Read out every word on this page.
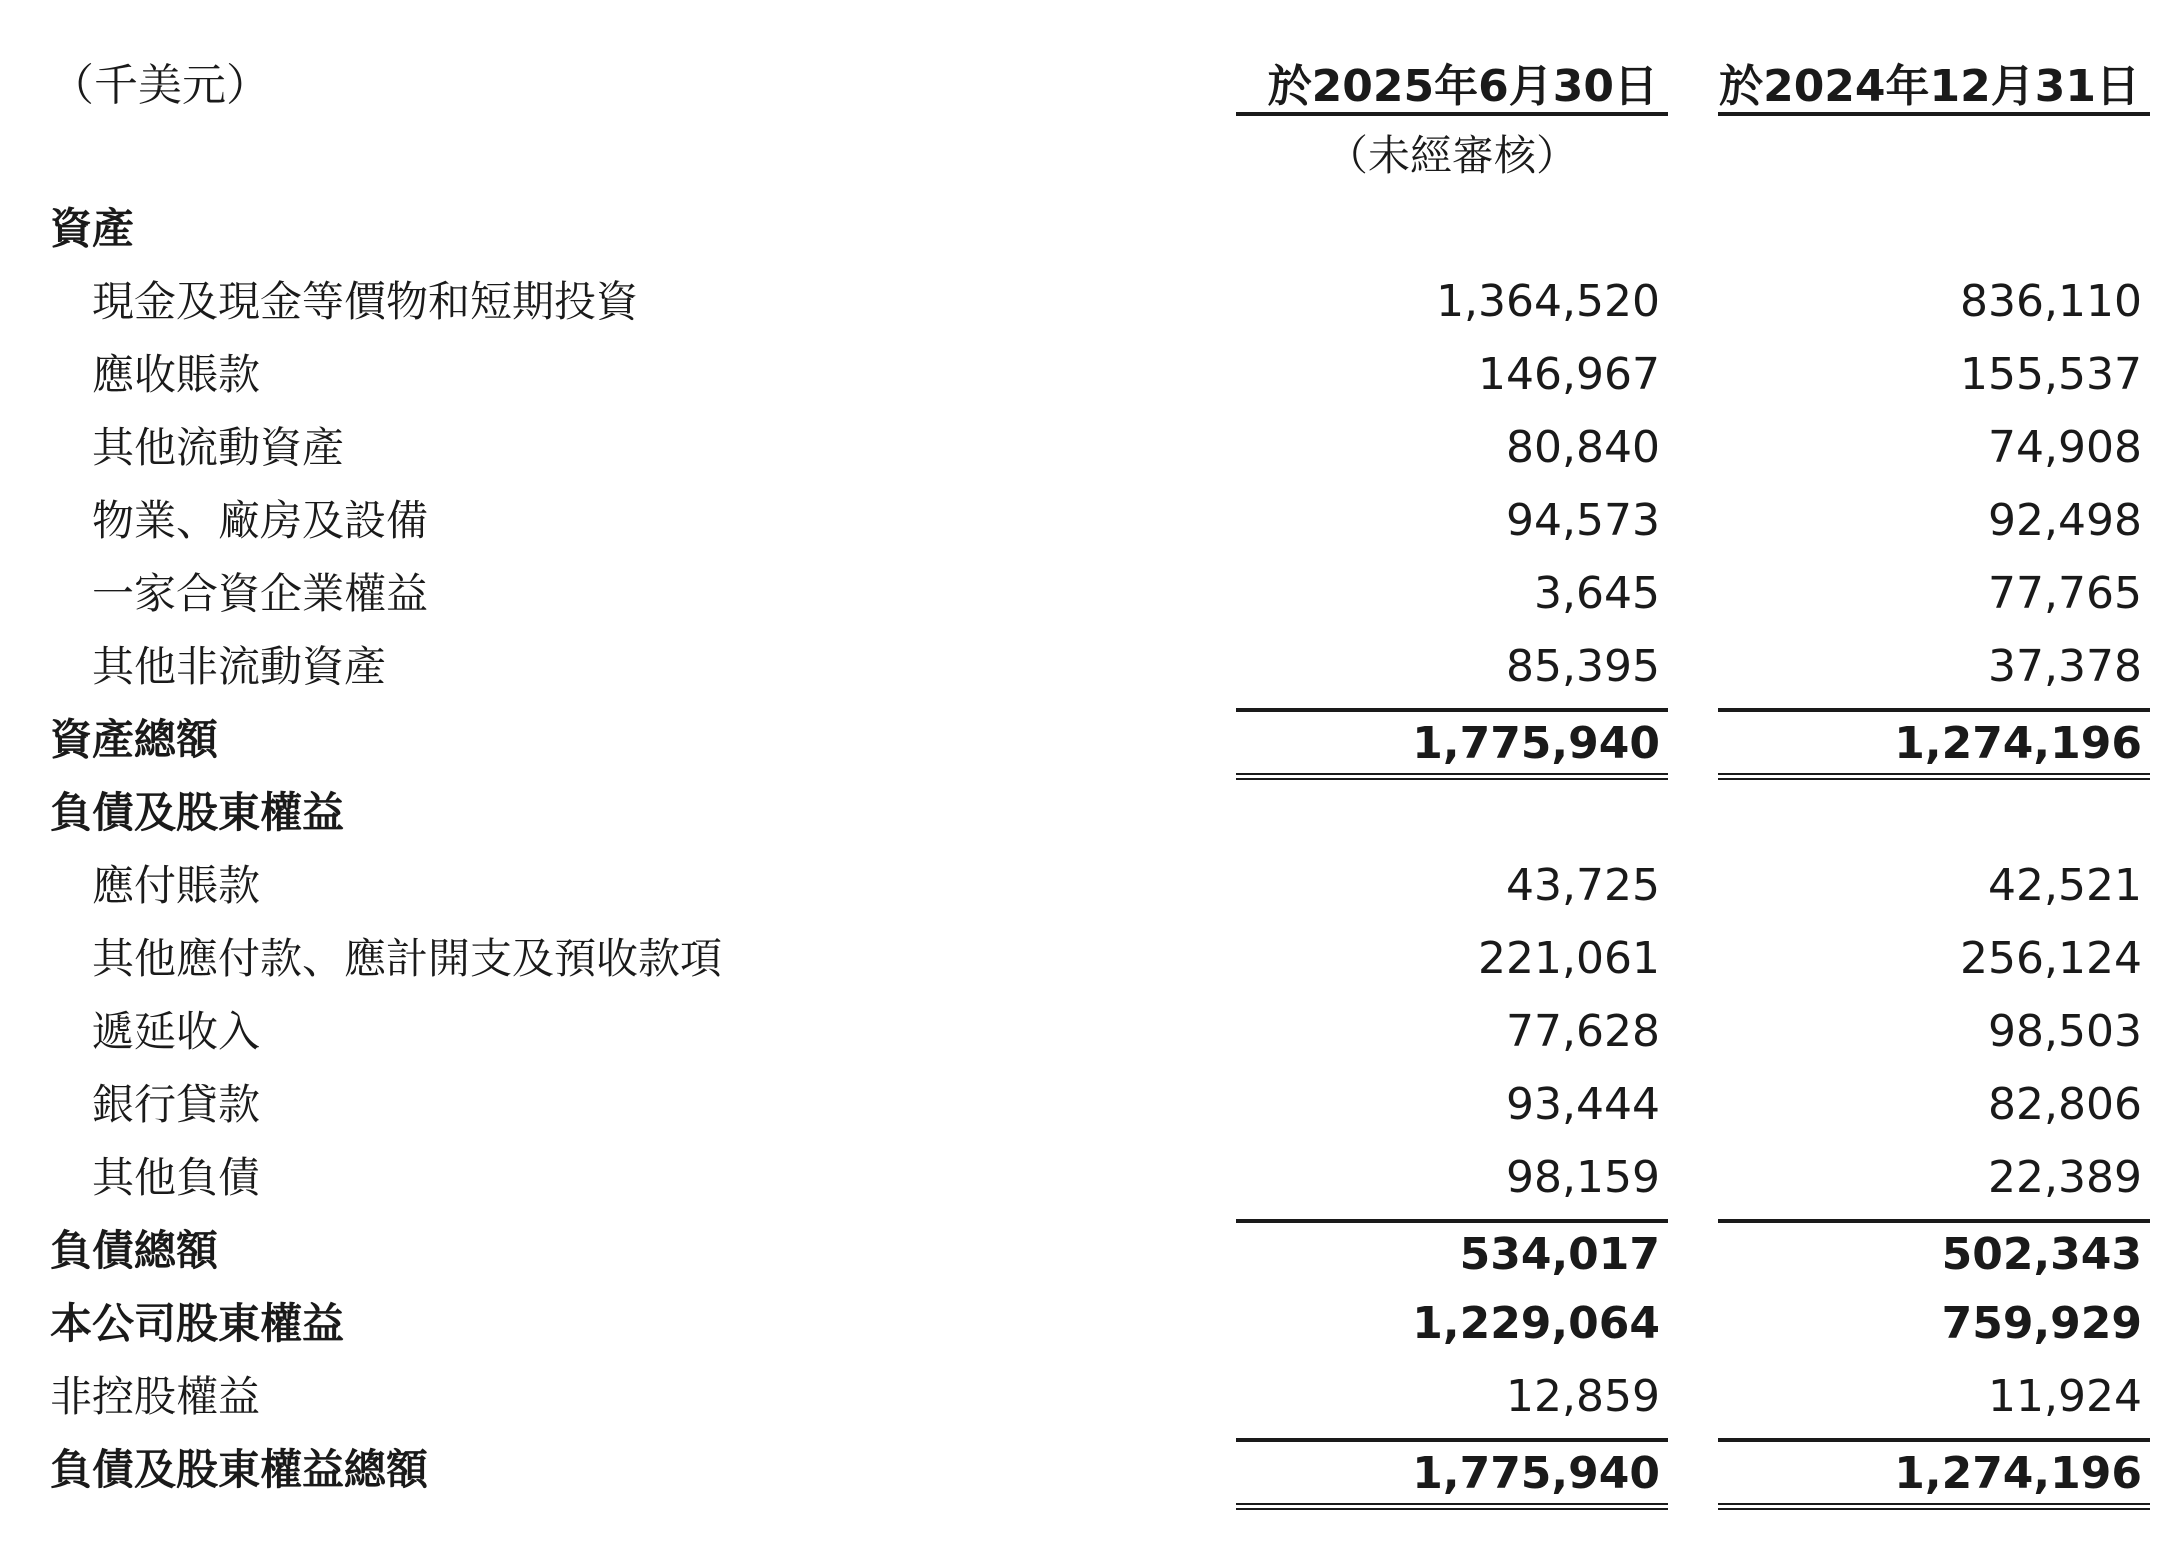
（千美元）	於2025年6月30日 於2024年12月31日
（未經審核）
資產
現金及現金等價物和短期投資	1,364,520	836,110
應收賬款	146,967	155,537
其他流動資產	80,840	74,908
物業、廠房及設備	94,573	92,498
一家合資企業權益	3,645	77,765
其他非流動資產	85,395	37,378
資產總額	1,775,940	1,274,196
負債及股東權益
應付賬款	43,725	42,521
其他應付款、應計開支及預收款項	221,061	256,124
遞延收入	77,628	98,503
銀行貸款	93,444	82,806
其他負債	98,159	22,389
負債總額	534,017	502,343
本公司股東權益	1,229,064	759,929
非控股權益	12,859	11,924
負債及股東權益總額	1,775,940	1,274,196
